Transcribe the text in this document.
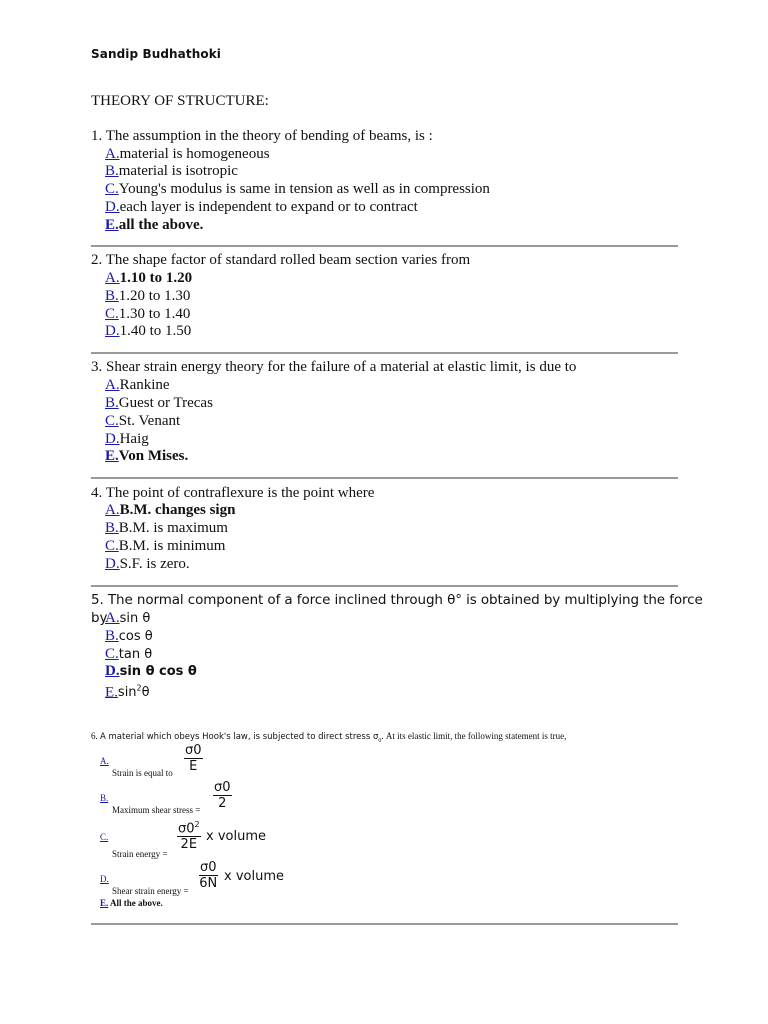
Sandip Budhathoki
THEORY OF STRUCTURE:
1. The assumption in the theory of bending of beams, is :
A.material is homogeneous
B.material is isotropic
C.Young's modulus is same in tension as well as in compression
D.each layer is independent to expand or to contract
E.all the above.
2. The shape factor of standard rolled beam section varies from
A.1.10 to 1.20
B.1.20 to 1.30
C.1.30 to 1.40
D.1.40 to 1.50
3. Shear strain energy theory for the failure of a material at elastic limit, is due to
A.Rankine
B.Guest or Trecas
C.St. Venant
D.Haig
E.Von Mises.
4. The point of contraflexure is the point where
A.B.M. changes sign
B.B.M. is maximum
C.B.M. is minimum
D.S.F. is zero.
5. The normal component of a force inclined through θ° is obtained by multiplying the force by
A.sin θ
B.cos θ
C.tan θ
D.sin θ cos θ
$E.\sin^2\theta$
6. A material which obeys Hook's law, is subjected to direct stress $\sigma_0$. At its elastic limit, the following statement is true,
A.
Strain is equal to
σ0
E
B.
Maximum shear stress =
σ0
2
C.
Strain energy =
$\sigma 0^2$
2E
x volume
D.
Shear strain energy =
σ0
6N x volume
E. All the above.
